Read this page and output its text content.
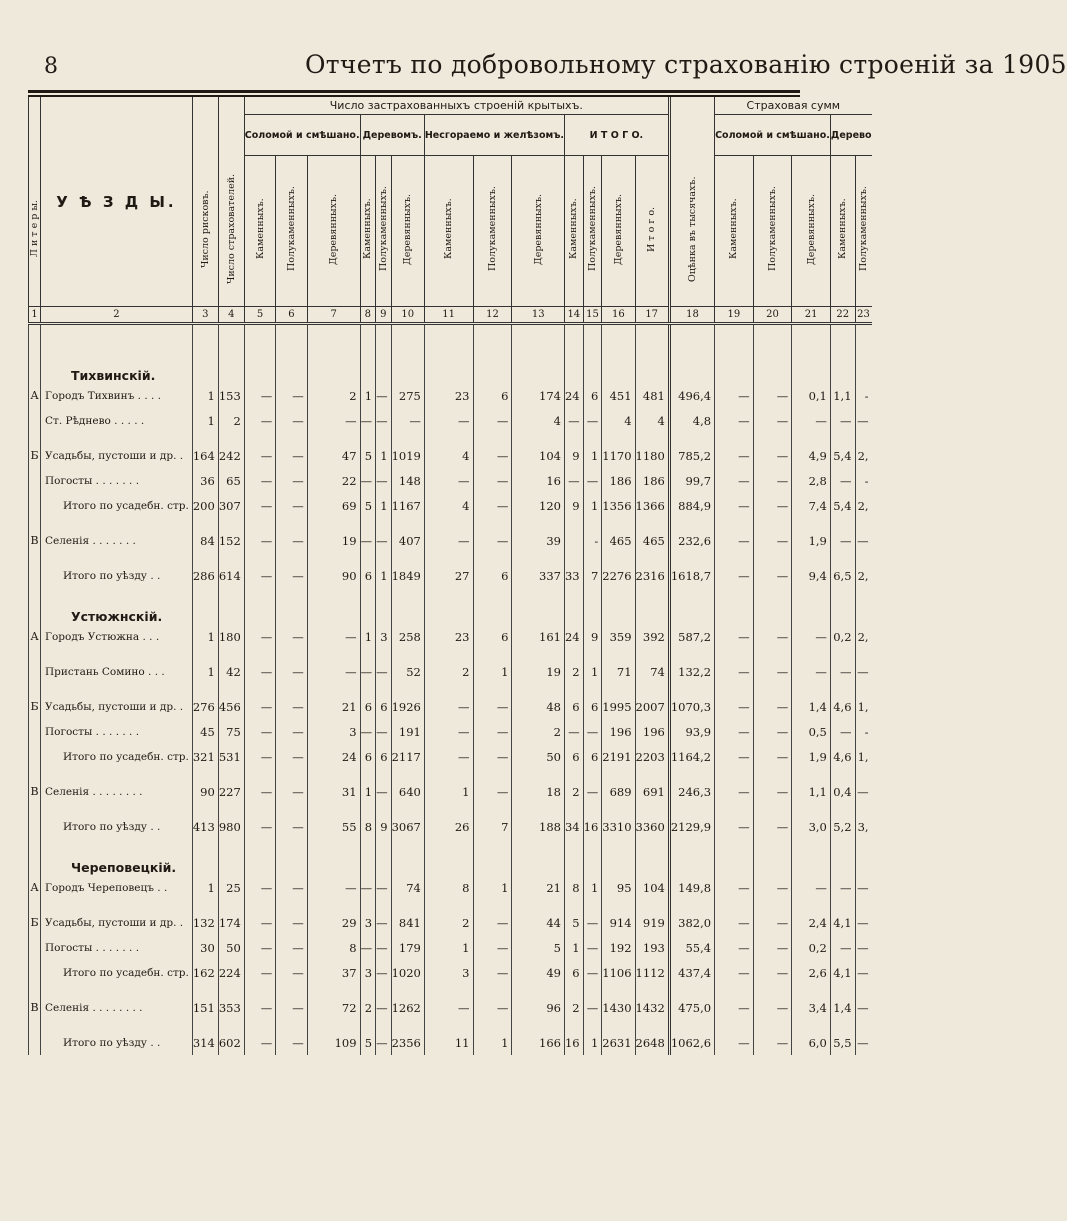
8	Отчетъ по добровольному страхованію строеній за 1905
Л и т е р ы.	У Ѣ З Д Ы.	Число рисковъ.	Число страхователей.	Число застрахованныхъ строеній крытыхъ.													Оцѣнка въ тысячахъ.	Страховая сумм				
				Соломой и смѣшано.			Деревомъ.			Несгораемо и желѣзомъ.			И Т О Г О.					Соломой и смѣшано.			Дерево	

				Каменныхъ.	Полукаменныхъ.	Деревянныхъ.	Каменныхъ.	Полукаменныхъ.	Деревянныхъ.	Каменныхъ.	Полукаменныхъ.	Деревянныхъ.	Каменныхъ.	Полукаменныхъ.	Деревянныхъ.	И т о г о.		Каменныхъ.	Полукаменныхъ.	Деревянныхъ.	Каменныхъ.	Полукаменныхъ.

1	2	3	4	5	6	7	8	9	10	11	12	13	14	15	16	17	18	19	20	21	22	23

	Тихвинскій.																					
А	Городъ Тихвинъ . . . .	1	153	—	—	2	1	—	275	23	6	174	24	6	451	481	496,4	—	—	0,1	1,1	-
	Ст. Рѣднево . . . . .	1	2	—	—	—	—	—	—	—	—	4	—	—	4	4	4,8	—	—	—	—	—

Б	Усадьбы, пустоши и др. .	164	242	—	—	47	5	1	1019	4	—	104	9	1	1170	1180	785,2	—	—	4,9	5,4	2,
	Погосты . . . . . . .	36	65	—	—	22	—	—	148	—	—	16	—	—	186	186	99,7	—	—	2,8	—	-
	Итого по усадебн. стр.	200	307	—	—	69	5	1	1167	4	—	120	9	1	1356	1366	884,9	—	—	7,4	5,4	2,

В	Селенія . . . . . . .	84	152	—	—	19	—	—	407	—	—	39		-	465	465	232,6	—	—	1,9	—	—

	Итого по уѣзду . .	286	614	—	—	90	6	1	1849	27	6	337	33	7	2276	2316	1618,7	—	—	9,4	6,5	2,
	Устюжнскій.																					
А	Городъ Устюжна . . .	1	180	—	—	—	1	3	258	23	6	161	24	9	359	392	587,2	—	—	—	0,2	2,

	Пристань Сомино . . .	1	42	—	—	—	—	—	52	2	1	19	2	1	71	74	132,2	—	—	—	—	—

Б	Усадьбы, пустоши и др. .	276	456	—	—	21	6	6	1926	—	—	48	6	6	1995	2007	1070,3	—	—	1,4	4,6	1,
	Погосты . . . . . . .	45	75	—	—	3	—	—	191	—	—	2	—	—	196	196	93,9	—	—	0,5	—	-
	Итого по усадебн. стр.	321	531	—	—	24	6	6	2117	—	—	50	6	6	2191	2203	1164,2	—	—	1,9	4,6	1,

В	Селенія . . . . . . . .	90	227	—	—	31	1	—	640	1	—	18	2	—	689	691	246,3	—	—	1,1	0,4	—

	Итого по уѣзду . .	413	980	—	—	55	8	9	3067	26	7	188	34	16	3310	3360	2129,9	—	—	3,0	5,2	3,
	Череповецкій.																					
А	Городъ Череповецъ . .	1	25	—	—	—	—	—	74	8	1	21	8	1	95	104	149,8	—	—	—	—	—

Б	Усадьбы, пустоши и др. .	132	174	—	—	29	3	—	841	2	—	44	5	—	914	919	382,0	—	—	2,4	4,1	—
	Погосты . . . . . . .	30	50	—	—	8	—	—	179	1	—	5	1	—	192	193	55,4	—	—	0,2	—	—
	Итого по усадебн. стр.	162	224	—	—	37	3	—	1020	3	—	49	6	—	1106	1112	437,4	—	—	2,6	4,1	—

В	Селенія . . . . . . . .	151	353	—	—	72	2	—	1262	—	—	96	2	—	1430	1432	475,0	—	—	3,4	1,4	—

	Итого по уѣзду . .	314	602	—	—	109	5	—	2356	11	1	166	16	1	2631	2648	1062,6	—	—	6,0	5,5	—
